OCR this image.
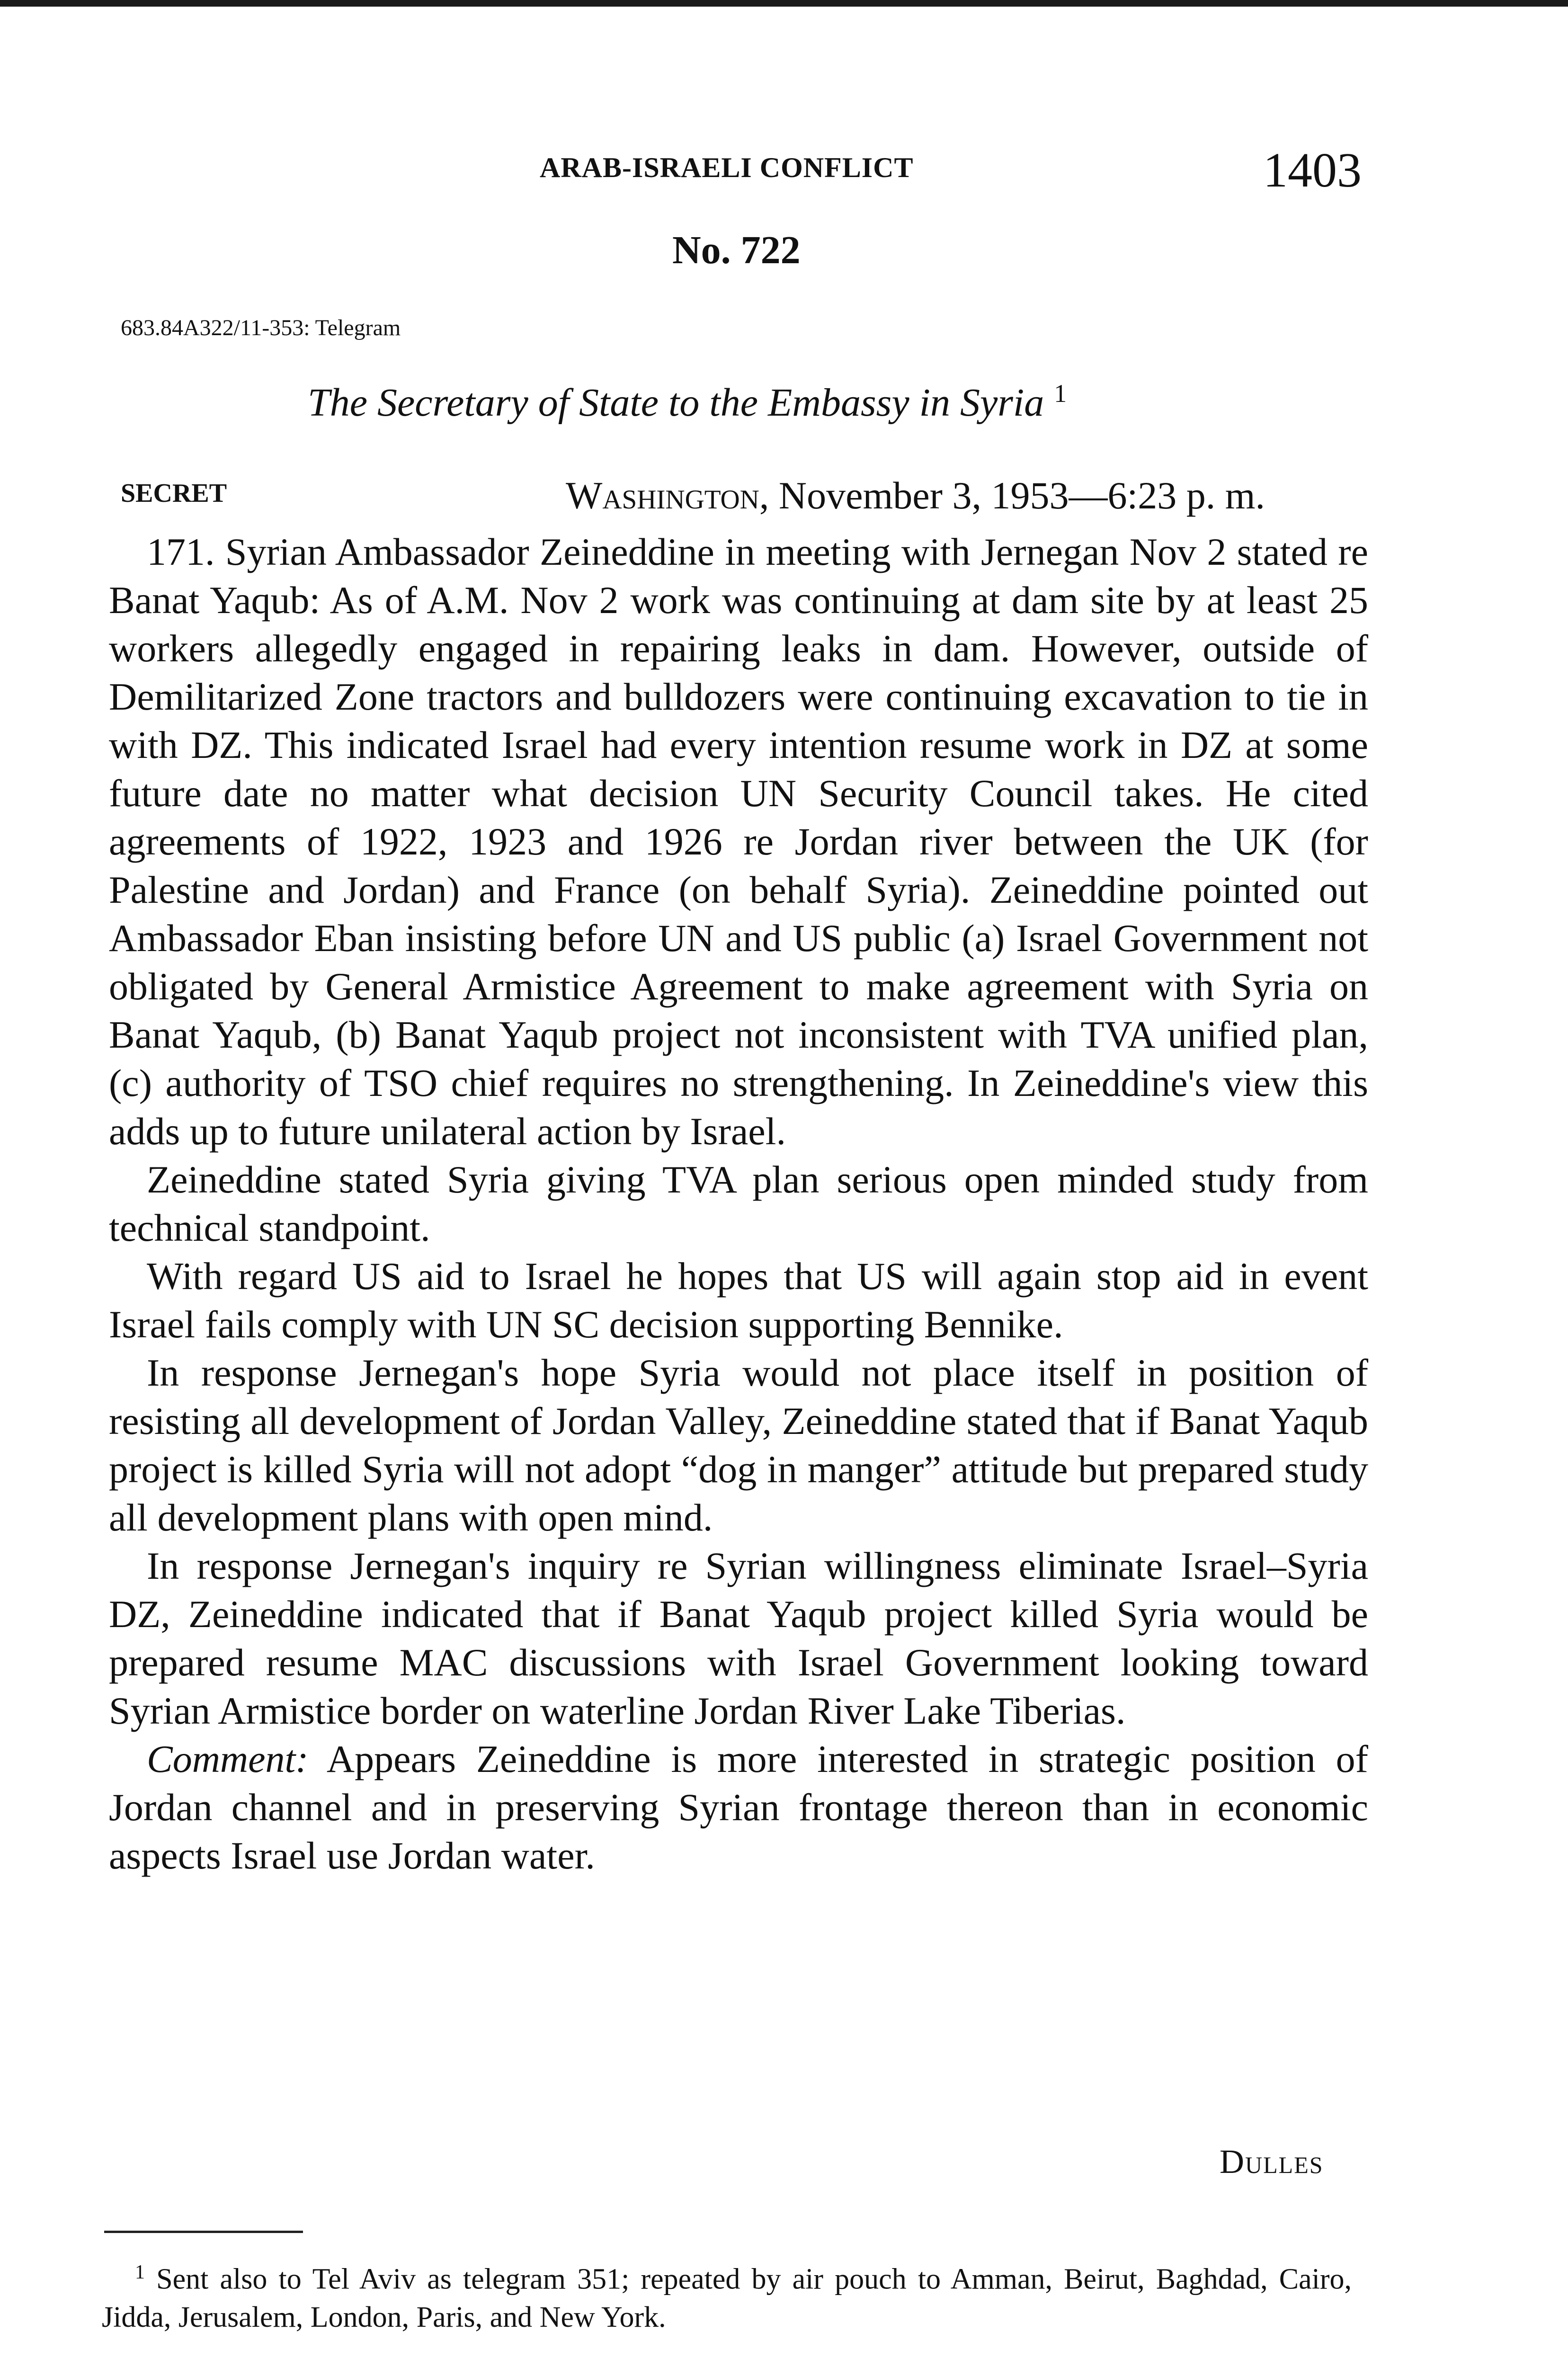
ARAB-ISRAELI CONFLICT	1403
No. 722
683.84A322/11-353: Telegram
The Secretary of State to the Embassy in Syria $^1$
SECRET	Washington, November 3, 1953—6:23 p. m.

171. Syrian Ambassador Zeineddine in meeting with Jernegan Nov 2 stated re Banat Yaqub: As of A.M. Nov 2 work was continuing at dam site by at least 25 workers allegedly engaged in repairing leaks in dam. However, outside of Demilitarized Zone tractors and bulldozers were continuing excavation to tie in with DZ. This indicated Israel had every intention resume work in DZ at some future date no matter what decision UN Security Council takes. He cited agreements of 1922, 1923 and 1926 re Jordan river between the UK (for Palestine and Jordan) and France (on behalf Syria). Zeineddine pointed out Ambassador Eban insisting before UN and US public (a) Israel Government not obligated by General Armistice Agreement to make agreement with Syria on Banat Yaqub, (b) Banat Yaqub project not inconsistent with TVA unified plan, (c) authority of TSO chief requires no strengthening. In Zeineddine's view this adds up to future unilateral action by Israel.

Zeineddine stated Syria giving TVA plan serious open minded study from technical standpoint.

With regard US aid to Israel he hopes that US will again stop aid in event Israel fails comply with UN SC decision supporting Bennike.

In response Jernegan's hope Syria would not place itself in position of resisting all development of Jordan Valley, Zeineddine stated that if Banat Yaqub project is killed Syria will not adopt “dog in manger” attitude but prepared study all development plans with open mind.

In response Jernegan's inquiry re Syrian willingness eliminate Israel–Syria DZ, Zeineddine indicated that if Banat Yaqub project killed Syria would be prepared resume MAC discussions with Israel Government looking toward Syrian Armistice border on waterline Jordan River Lake Tiberias.

Comment: Appears Zeineddine is more interested in strategic position of Jordan channel and in preserving Syrian frontage thereon than in economic aspects Israel use Jordan water.

Dulles
$^1$ Sent also to Tel Aviv as telegram 351; repeated by air pouch to Amman, Beirut, Baghdad, Cairo, Jidda, Jerusalem, London, Paris, and New York.
